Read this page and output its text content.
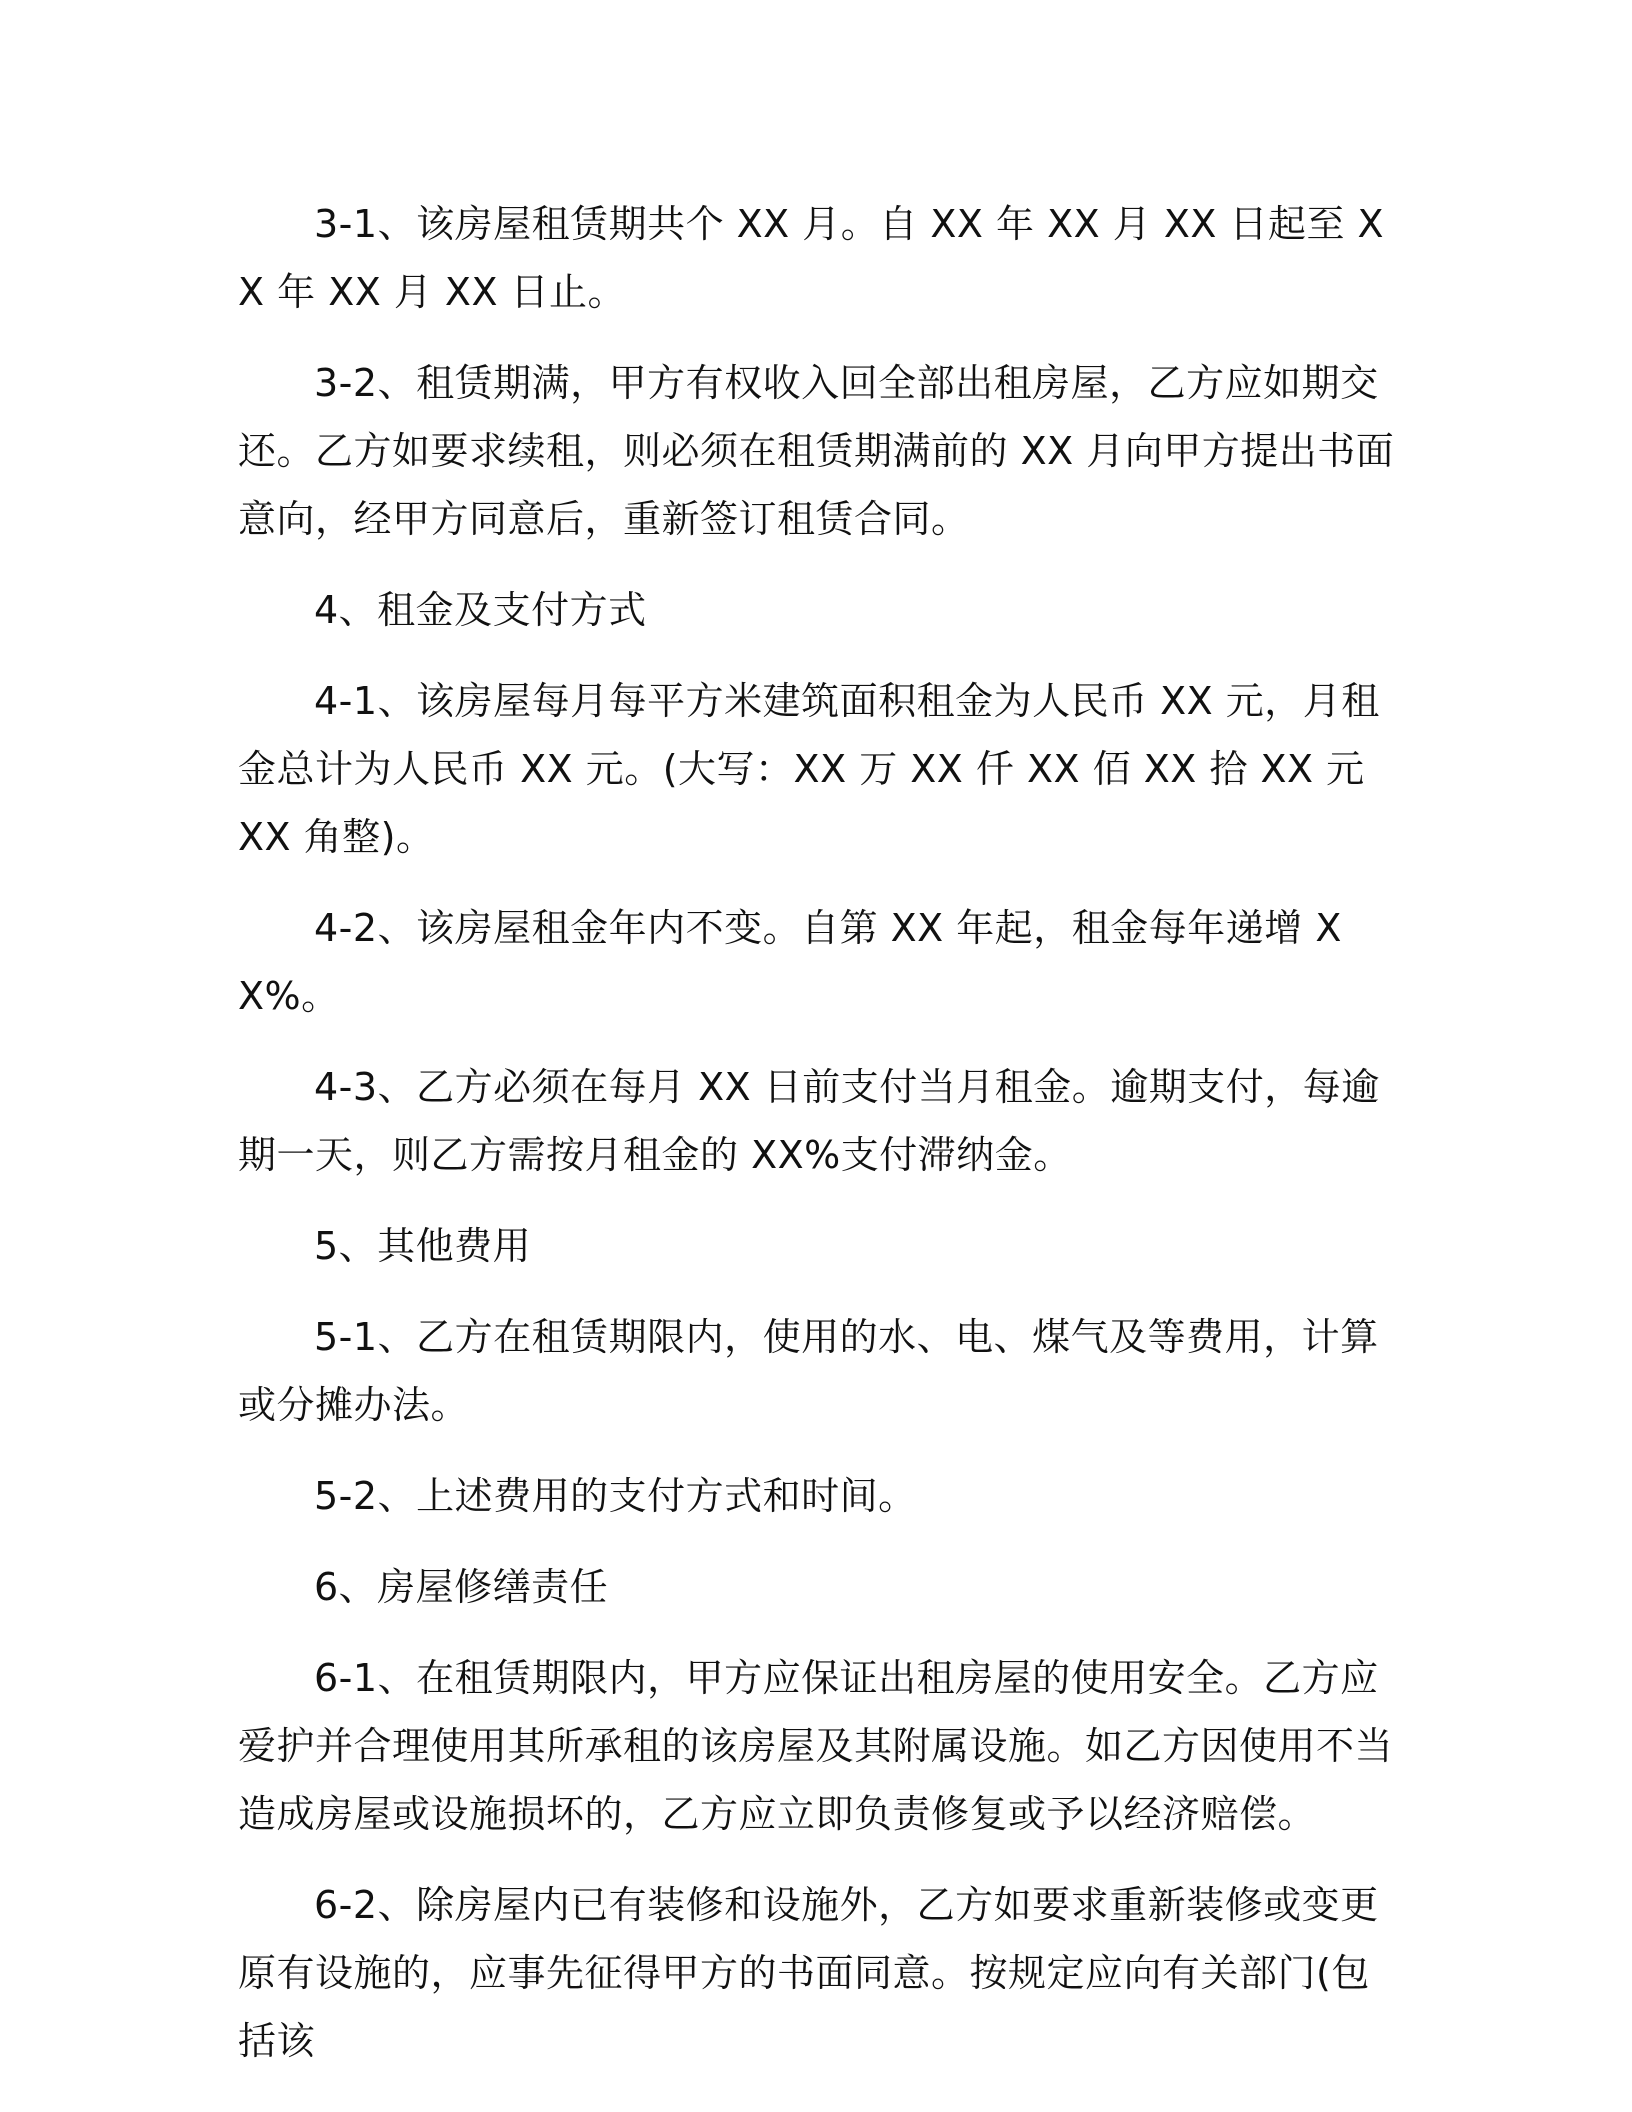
3-1、该房屋租赁期共个 XX 月。自 XX 年 XX 月 XX 日起至 XX 年 XX 月 XX 日止。

3-2、租赁期满，甲方有权收入回全部出租房屋，乙方应如期交还。乙方如要求续租，则必须在租赁期满前的 XX 月向甲方提出书面意向，经甲方同意后，重新签订租赁合同。

4、租金及支付方式

4-1、该房屋每月每平方米建筑面积租金为人民币 XX 元，月租金总计为人民币 XX 元。(大写：XX 万 XX 仟 XX 佰 XX 拾 XX 元 XX 角整)。

4-2、该房屋租金年内不变。自第 XX 年起，租金每年递增 XX%。

4-3、乙方必须在每月 XX 日前支付当月租金。逾期支付，每逾期一天，则乙方需按月租金的 XX%支付滞纳金。

5、其他费用

5-1、乙方在租赁期限内，使用的水、电、煤气及等费用，计算或分摊办法。

5-2、上述费用的支付方式和时间。

6、房屋修缮责任

6-1、在租赁期限内，甲方应保证出租房屋的使用安全。乙方应爱护并合理使用其所承租的该房屋及其附属设施。如乙方因使用不当造成房屋或设施损坏的，乙方应立即负责修复或予以经济赔偿。

6-2、除房屋内已有装修和设施外，乙方如要求重新装修或变更原有设施的，应事先征得甲方的书面同意。按规定应向有关部门(包括该
